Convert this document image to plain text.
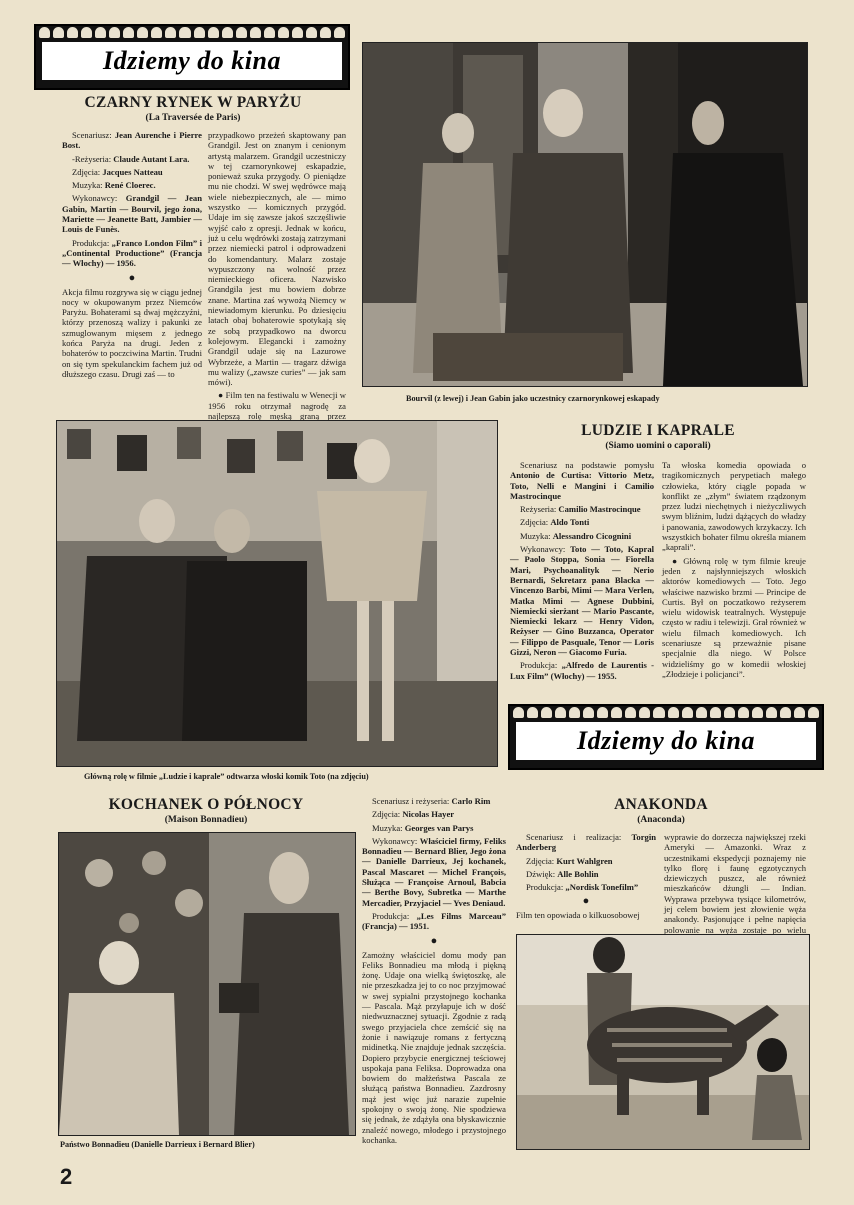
Idziemy do kina
CZARNY RYNEK W PARYŻU
(La Traversée de Paris)

Scenariusz: Jean Aurenche i Pierre Bost.

-Reżyseria: Claude Autant Lara.

Zdjęcia: Jacques Natteau

Muzyka: René Cloerec.

Wykonawcy: Grandgil — Jean Gabin, Martin — Bourvil, jego żona, Mariette — Jeanette Batt, Jambier — Louis de Funès.

Produkcja: „Franco London Film” i „Continental Productione” (Francja — Włochy) — 1956.

●

Akcja filmu rozgrywa się w ciągu jednej nocy w okupowanym przez Niemców Paryżu. Bohaterami są dwaj mężczyźni, którzy przenoszą walizy i pakunki ze szmuglowanym mięsem z jednego końca Paryża na drugi. Jeden z bohaterów to poczciwina Martin. Trudni on się tym spekulanckim fachem już od dłuższego czasu. Drugi zaś — to

przypadkowo przeżeń skaptowany pan Grandgil. Jest on znanym i cenionym artystą malarzem. Grandgil uczestniczy w tej czarnorynkowej eskapadzie, ponieważ szuka przygody. O pieniądze mu nie chodzi. W swej wędrówce mają wiele niebezpiecznych, ale — mimo wszystko — komicznych przygód. Udaje im się zawsze jakoś szczęśliwie wyjść cało z opresji. Jednak w końcu, już u celu wędrówki zostają zatrzymani przez niemiecki patrol i odprowadzeni do komendantury. Malarz zostaje wypuszczony na wolność przez niemieckiego oficera. Nazwisko Grandgila jest mu bowiem dobrze znane. Martina zaś wywożą Niemcy w niewiadomym kierunku. Po dziesięciu latach obaj bohaterowie spotykają się ze sobą przypadkowo na dworcu kolejowym. Elegancki i zamożny Grandgil udaje się na Lazurowe Wybrzeże, a Martin — tragarz dźwiga mu walizy („zawsze curies” — jak sam mówi).

● Film ten na festiwalu w Wenecji w 1956 roku otrzymał nagrodę za najlepszą rolę męską graną przez

Bourvil (z lewej) i Jean Gabin jako uczestnicy czarnorynkowej eskapady
Główną rolę w filmie „Ludzie i kaprale” odtwarza włoski komik Toto (na zdjęciu)
LUDZIE I KAPRALE
(Siamo uomini o caporali)

Scenariusz na podstawie pomysłu Antonio de Curtisa: Vittorio Metz, Toto, Nelli e Mangini i Camilio Mastrocinque

Reżyseria: Camilio Mastrocinque

Zdjęcia: Aldo Tonti

Muzyka: Alessandro Cicognini

Wykonawcy: Toto — Toto, Kapral — Paolo Stoppa, Sonia — Fiorella Mari, Psychoanalityk — Nerio Bernardi, Sekretarz pana Blacka — Vincenzo Barbi, Mimi — Mara Verlen, Matka Mimi — Agnese Dubbini, Niemiecki sierżant — Mario Pascante, Niemiecki lekarz — Henry Vidon, Reżyser — Gino Buzzanca, Operator — Filippo de Pasquale, Tenor — Loris Gizzi, Neron — Giacomo Furia.

Produkcja: „Alfredo de Laurentis - Lux Film” (Włochy) — 1955.

Ta włoska komedia opowiada o tragikomicznych perypetiach małego człowieka, który ciągle popada w konflikt ze „złym” światem rządzonym przez ludzi niechętnych i nieżyczliwych swym bliźnim, ludzi dążących do władzy i panowania, zawodowych krzykaczy. Ich wszystkich bohater filmu określa mianem „kaprali”.

● Główną rolę w tym filmie kreuje jeden z najsłynniejszych włoskich aktorów komediowych — Toto. Jego właściwe nazwisko brzmi — Principe de Curtis. Był on poczatkowo reżyserem wielu widowisk teatralnych. Występuje często w radiu i telewizji. Grał również w wielu filmach komediowych. Ich scenariusze są przeważnie pisane specjalnie dla niego. W Polsce widzieliśmy go w komedii włoskiej „Złodzieje i policjanci”.

Idziemy do kina
KOCHANEK O PÓŁNOCY
(Maison Bonnadieu)
Państwo Bonnadieu (Danielle Darrieux i Bernard Blier)

Scenariusz i reżyseria: Carlo Rim

Zdjęcia: Nicolas Hayer

Muzyka: Georges van Parys

Wykonawcy: Właściciel firmy, Feliks Bonnadieu — Bernard Blier, Jego żona — Danielle Darrieux, Jej kochanek, Pascal Mascaret — Michel François, Służąca — Françoise Arnoul, Babcia — Berthe Bovy, Subretka — Marthe Mercadier, Przyjaciel — Yves Deniaud.

Produkcja: „Les Films Marceau” (Francja) — 1951.

●

Zamożny właściciel domu mody pan Feliks Bonnadieu ma młodą i piękną żonę. Udaje ona wielką świętoszkę, ale nie przeszkadza jej to co noc przyjmować w swej sypialni przystojnego kochanka — Pascala. Mąż przyłapuje ich w dość niedwuznacznej sytuacji. Zgodnie z radą swego przyjaciela chce zemścić się na żonie i nawiązuje romans z fertyczną midinetką. Nie znajduje jednak szczęścia. Dopiero przybycie energicznej teściowej uspokaja pana Feliksa. Doprowadza ona bowiem do małżeństwa Pascala ze służącą państwa Bonnadieu. Zazdrosny mąż jest więc już narazie zupełnie spokojny o swoją żonę. Nie spodziewa się jednak, że zdążyła ona błyskawicznie znaleźć nowego, młodego i przystojnego kochanka.

ANAKONDA
(Anaconda)

Scenariusz i realizacja: Torgin Anderberg

Zdjęcia: Kurt Wahlgren

Dźwięk: Alle Bohlin

Produkcja: „Nordisk Tonefilm”

●

Film ten opowiada o kilkuosobowej

wyprawie do dorzecza największej rzeki Ameryki — Amazonki. Wraz z uczestnikami ekspedycji poznajemy nie tylko florę i faunę egzotycznych dziewiczych puszcz, ale również mieszkańców dżungli — Indian. Wyprawa przebywa tysiące kilometrów, jej celem bowiem jest złowienie węża anakondy. Pasjonujące i pełne napięcia polowanie na węża zostaje po wielu

2
